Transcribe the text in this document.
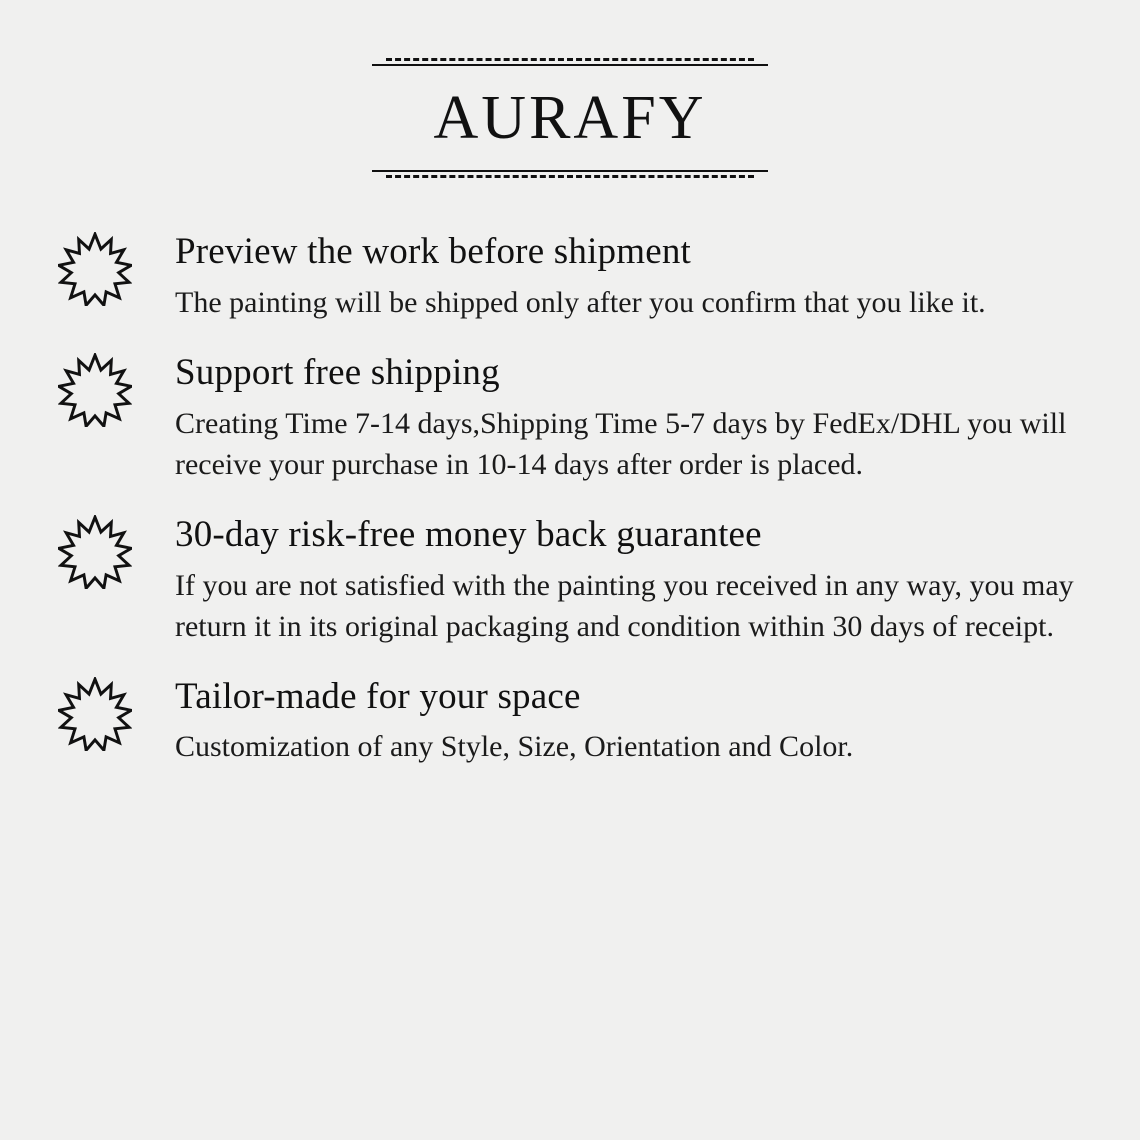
AURAFY
Preview the work before shipment

The painting will be shipped only after you confirm that you like it.

Support free shipping

Creating Time 7-14 days,Shipping Time 5-7 days by FedEx/DHL you will receive your purchase in 10-14 days after order is placed.

30-day risk-free money back guarantee

If you are not satisfied with the painting you received in any way, you may return it in its original packaging and condition within 30 days of receipt.

Tailor-made for your space

Customization of any Style, Size, Orientation and Color.
